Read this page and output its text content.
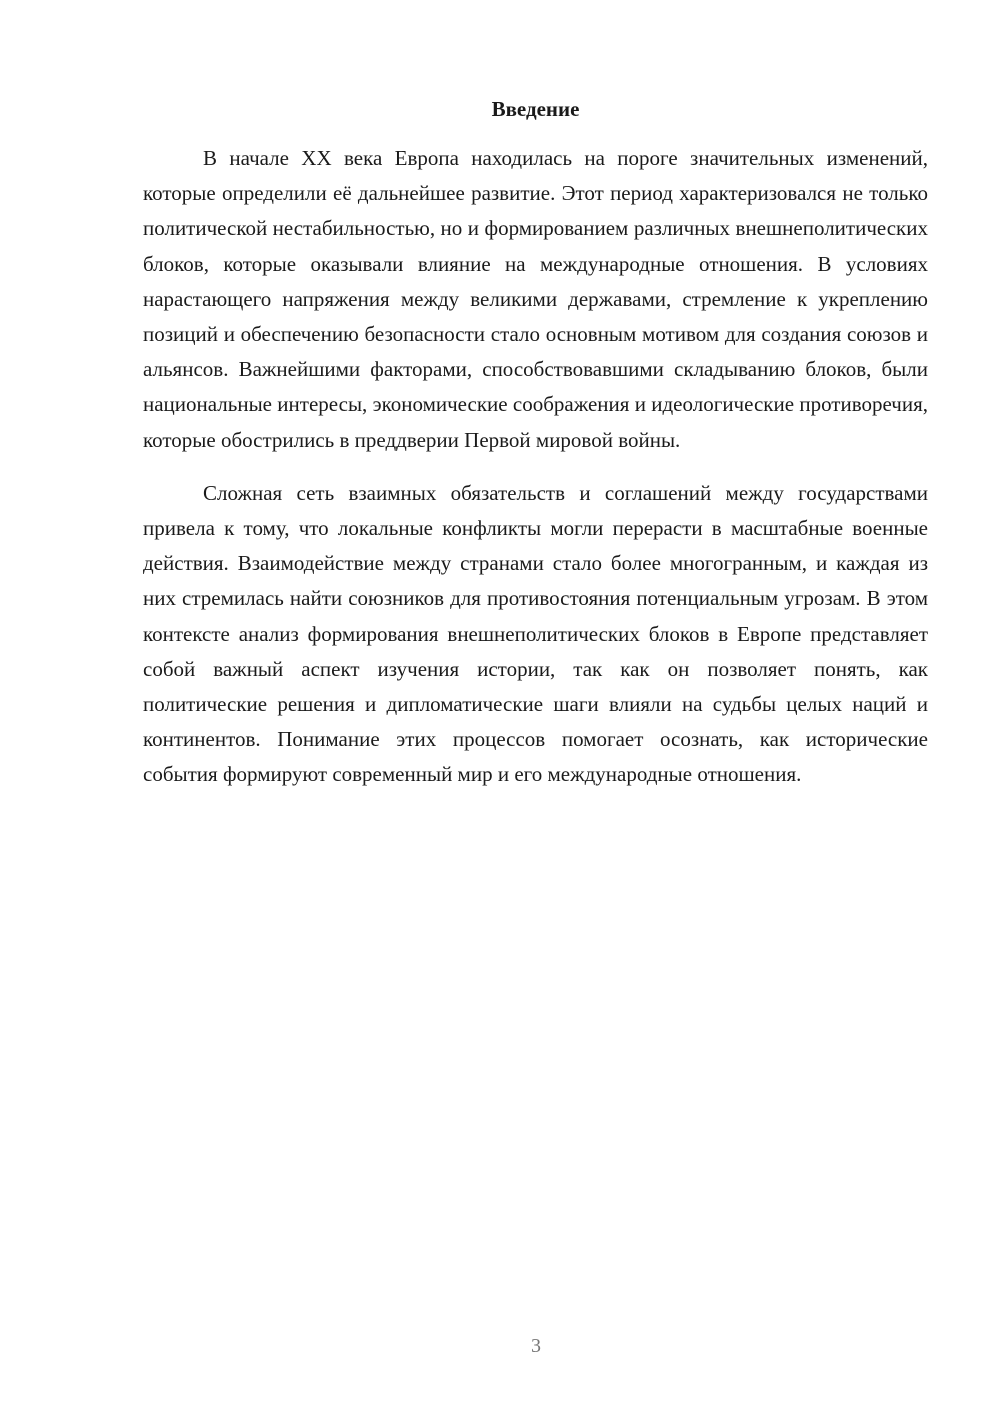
Введение

В начале XX века Европа находилась на пороге значительных изменений, которые определили её дальнейшее развитие. Этот период характеризовался не только политической нестабильностью, но и формированием различных внешнеполитических блоков, которые оказывали влияние на международные отношения. В условиях нарастающего напряжения между великими державами, стремление к укреплению позиций и обеспечению безопасности стало основным мотивом для создания союзов и альянсов. Важнейшими факторами, способствовавшими складыванию блоков, были национальные интересы, экономические соображения и идеологические противоречия, которые обострились в преддверии Первой мировой войны.

Сложная сеть взаимных обязательств и соглашений между государствами привела к тому, что локальные конфликты могли перерасти в масштабные военные действия. Взаимодействие между странами стало более многогранным, и каждая из них стремилась найти союзников для противостояния потенциальным угрозам. В этом контексте анализ формирования внешнеполитических блоков в Европе представляет собой важный аспект изучения истории, так как он позволяет понять, как политические решения и дипломатические шаги влияли на судьбы целых наций и континентов. Понимание этих процессов помогает осознать, как исторические события формируют современный мир и его международные отношения.

3
